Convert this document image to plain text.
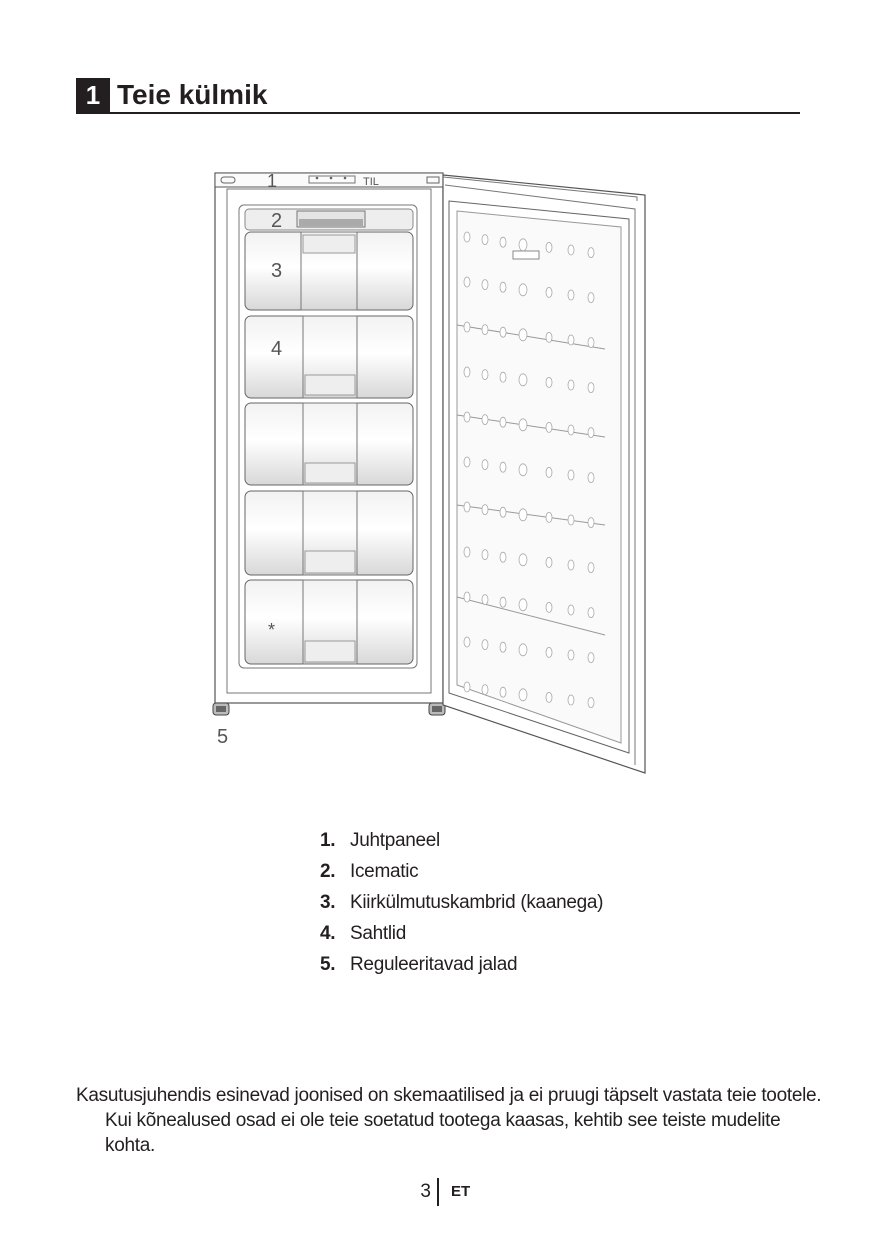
1 Teie külmik
TIL
1
2
3
4
5
*
1. Juhtpaneel
2. Icematic
3. Kiirkülmutuskambrid (kaanega)
4. Sahtlid
5. Reguleeritavad jalad

Kasutusjuhendis esinevad joonised on skemaatilised ja ei pruugi täpselt vastata teie tootele. Kui kõnealused osad ei ole teie soetatud tootega kaasas, kehtib see teiste mudelite kohta.

3 ET
